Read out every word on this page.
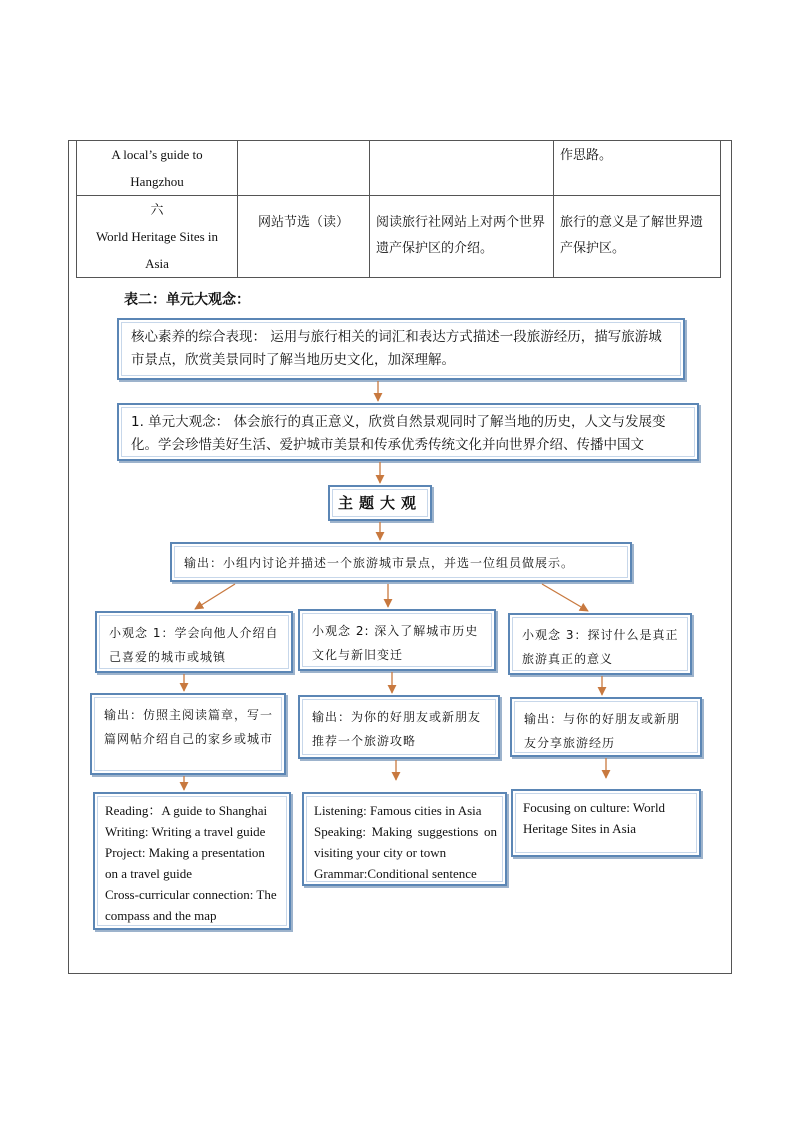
A local’s guide to
Hangzhou			作思路。

六
World Heritage Sites in
Asia	网站节选（读）	阅读旅行社网站上对两个世界遗产保护区的介绍。	旅行的意义是了解世界遗产保护区。
表二：单元大观念：
核心素养的综合表现： 运用与旅行相关的词汇和表达方式描述一段旅游经历，描写旅游城市景点，欣赏美景同时了解当地历史文化，加深理解。
1. 单元大观念： 体会旅行的真正意义，欣赏自然景观同时了解当地的历史，人文与发展变化。学会珍惜美好生活、爱护城市美景和传承优秀传统文化并向世界介绍、传播中国文
主题大观
输出：小组内讨论并描述一个旅游城市景点，并选一位组员做展示。
小观念 1：学会向他人介绍自己喜爱的城市或城镇
小观念 2: 深入了解城市历史文化与新旧变迁
小观念 3：探讨什么是真正旅游真正的意义
输出：仿照主阅读篇章，写一篇网帖介绍自己的家乡或城市
输出：为你的好朋友或新朋友推荐一个旅游攻略
输出：与你的好朋友或新朋友分享旅游经历
Reading：A guide to Shanghai
Writing: Writing a travel guide
Project: Making a presentation on a travel guide
Cross-curricular connection: The compass and the map
Listening: Famous cities in Asia
Speaking: Making suggestions on visiting your city or town
Grammar:Conditional sentence
Focusing on culture: World Heritage Sites in Asia
